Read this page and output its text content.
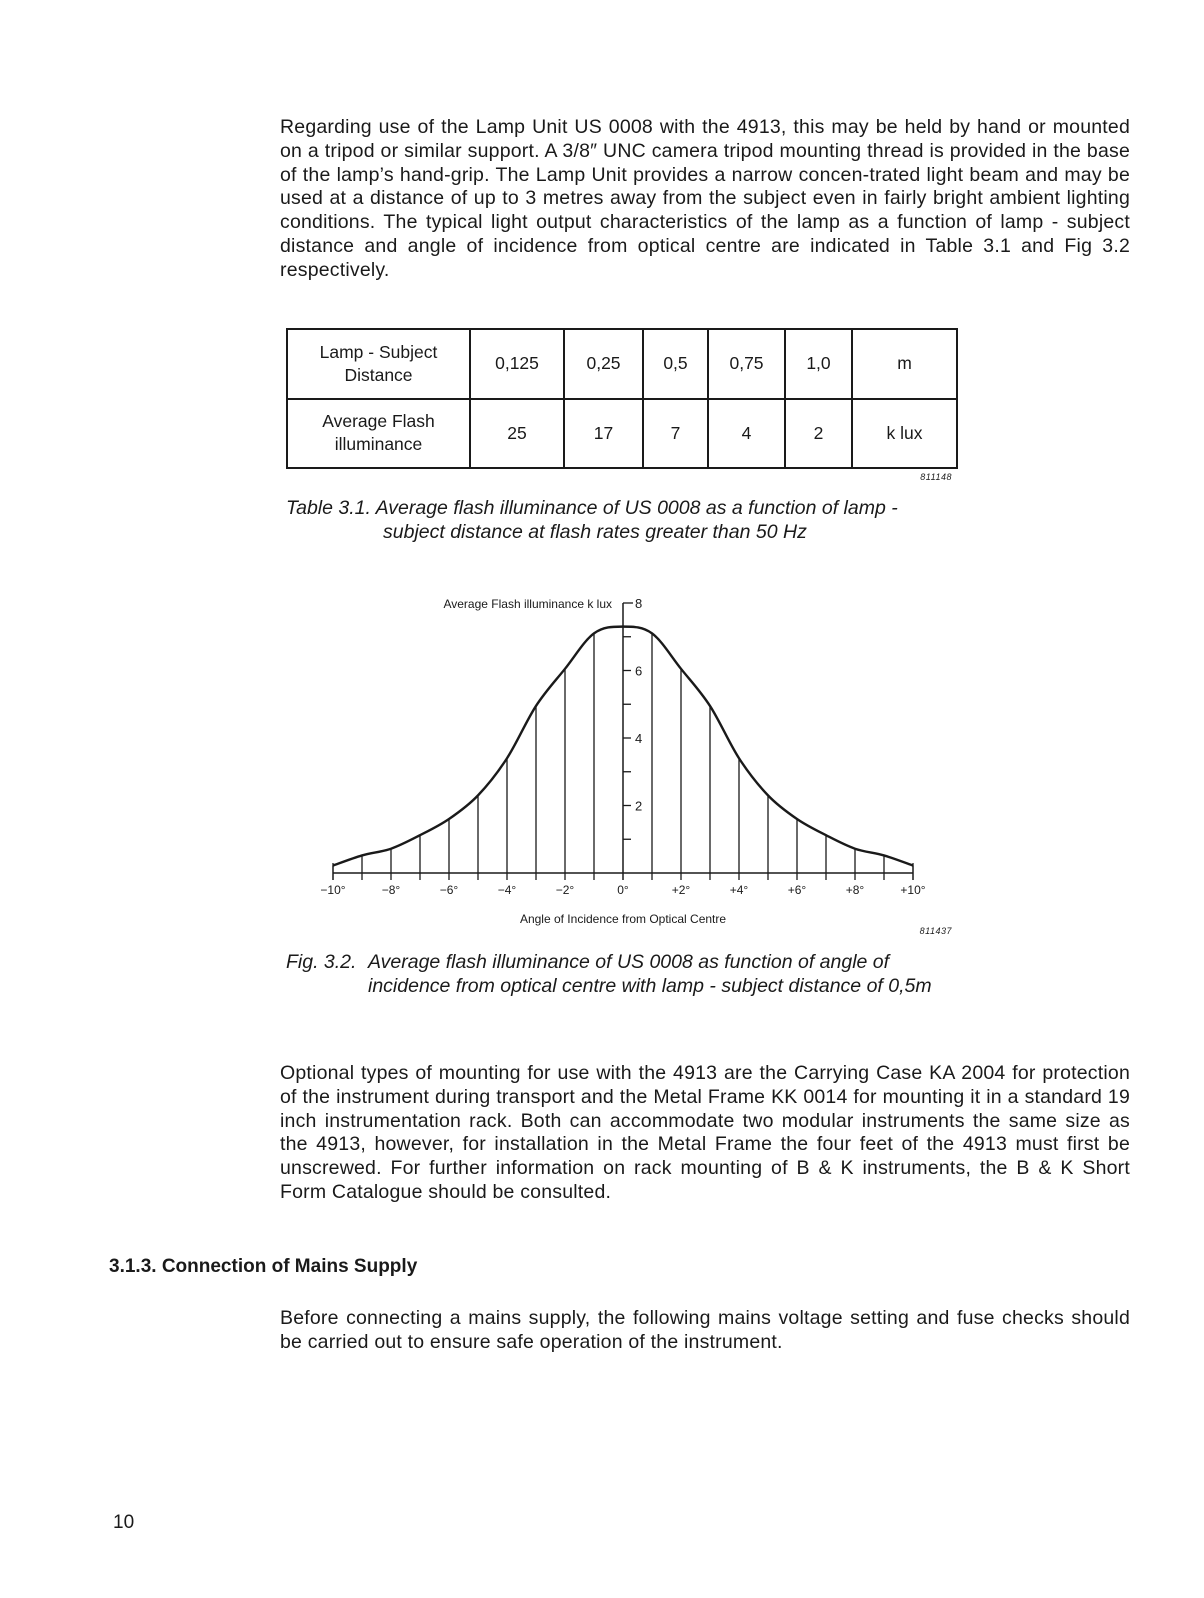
Regarding use of the Lamp Unit US 0008 with the 4913, this may be held by hand or mounted on a tripod or similar support. A 3/8″ UNC camera tripod mounting thread is provided in the base of the lamp’s hand-grip. The Lamp Unit provides a narrow concen-trated light beam and may be used at a distance of up to 3 metres away from the subject even in fairly bright ambient lighting conditions. The typical light output characteristics of the lamp as a function of lamp - subject distance and angle of incidence from optical centre are indicated in Table 3.1 and Fig 3.2 respectively.
Lamp - Subject Distance	0,125	0,25	0,5	0,75	1,0	m
Average Flash illuminance	25	17	7	4	2	k lux
811148
Table 3.1. Average flash illuminance of US 0008 as a function of lamp -
subject distance at flash rates greater than 50 Hz
8
6
4
2
−10°	−8°	−6°	−4°	−2°	0°	+2°	+4°	+6°	+8°	+10°
Average Flash illuminance k lux
Angle of Incidence from Optical Centre
811437
Fig. 3.2. Average flash illuminance of US 0008 as function of angle of incidence from optical centre with lamp - subject distance of 0,5m
Optional types of mounting for use with the 4913 are the Carrying Case KA 2004 for protection of the instrument during transport and the Metal Frame KK 0014 for mounting it in a standard 19 inch instrumentation rack. Both can accommodate two modular instruments the same size as the 4913, however, for installation in the Metal Frame the four feet of the 4913 must first be unscrewed. For further information on rack mounting of B & K instruments, the B & K Short Form Catalogue should be consulted.
3.1.3. Connection of Mains Supply
Before connecting a mains supply, the following mains voltage setting and fuse checks should be carried out to ensure safe operation of the instrument.
10
